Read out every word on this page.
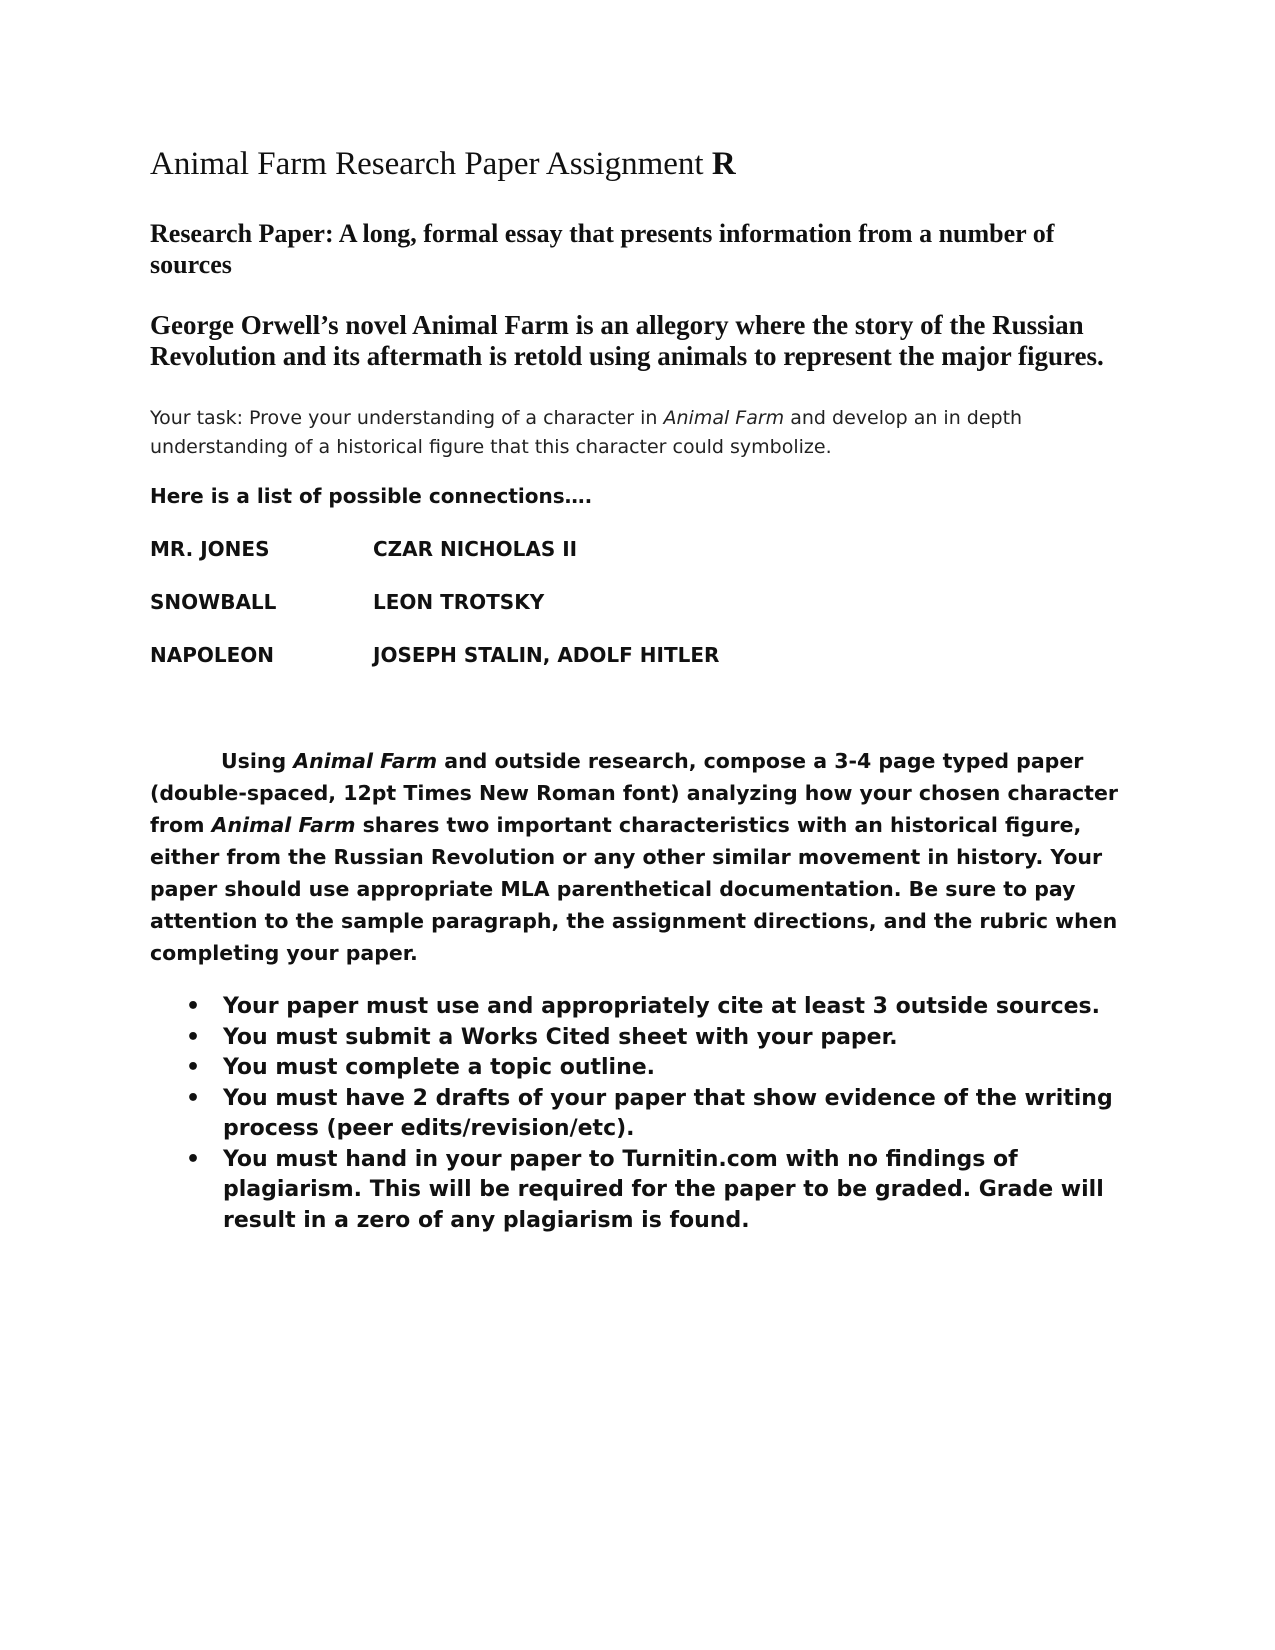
Animal Farm Research Paper Assignment R

Research Paper: A long, formal essay that presents information from a number of sources

George Orwell’s novel Animal Farm is an allegory where the story of the Russian Revolution and its aftermath is retold using animals to represent the major figures.

Your task: Prove your understanding of a character in Animal Farm and develop an in depth understanding of a historical figure that this character could symbolize.

Here is a list of possible connections….

MR. JONES	CZAR NICHOLAS II
SNOWBALL	LEON TROTSKY
NAPOLEON	JOSEPH STALIN, ADOLF HITLER

Using Animal Farm and outside research, compose a 3-4 page typed paper (double-spaced, 12pt Times New Roman font) analyzing how your chosen character from Animal Farm shares two important characteristics with an historical figure, either from the Russian Revolution or any other similar movement in history. Your paper should use appropriate MLA parenthetical documentation. Be sure to pay attention to the sample paragraph, the assignment directions, and the rubric when completing your paper.

• Your paper must use and appropriately cite at least 3 outside sources.
• You must submit a Works Cited sheet with your paper.
• You must complete a topic outline.
• You must have 2 drafts of your paper that show evidence of the writing process (peer edits/revision/etc).
• You must hand in your paper to Turnitin.com with no findings of plagiarism. This will be required for the paper to be graded. Grade will result in a zero of any plagiarism is found.
